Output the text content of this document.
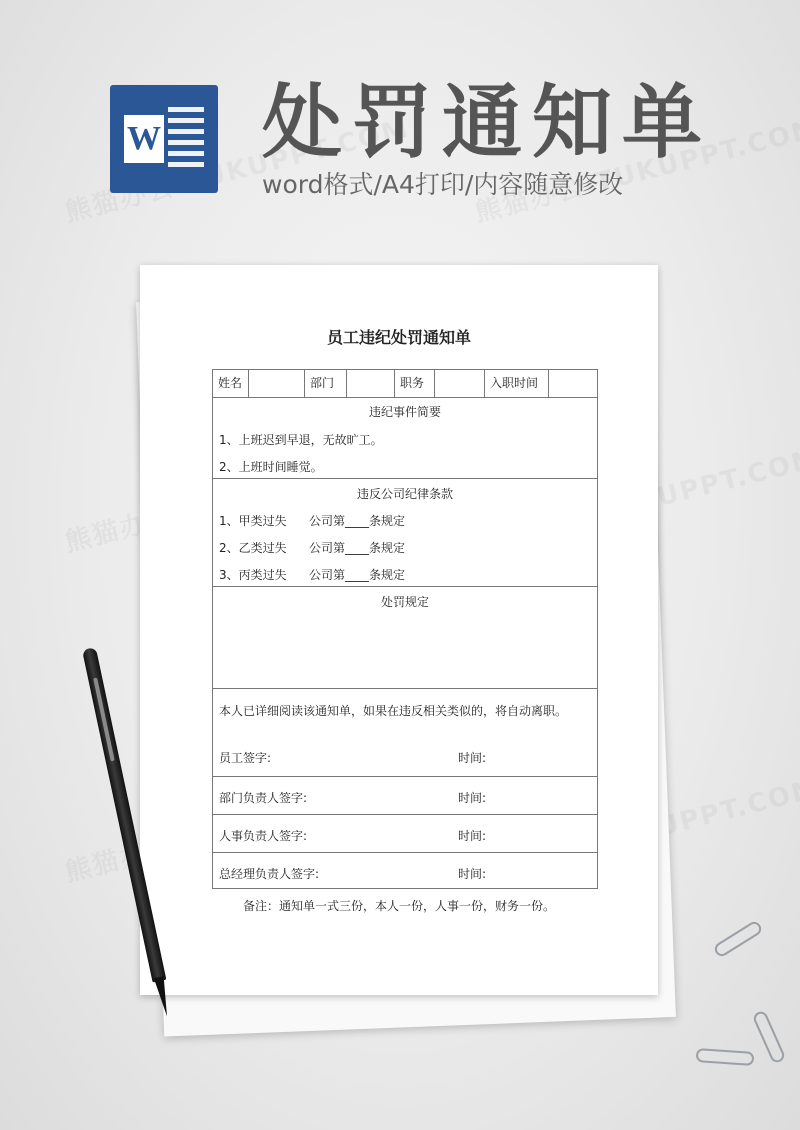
W 处罚通知单
word格式/A4打印/内容随意修改
员工违纪处罚通知单
姓名	部门	职务	入职时间
违纪事件简要
1、上班迟到早退，无故旷工。
2、上班时间睡觉。
违反公司纪律条款
1、甲类过失 公司第____条规定
2、乙类过失 公司第____条规定
3、丙类过失 公司第____条规定
处罚规定
本人已详细阅读该通知单，如果在违反相关类似的，将自动离职。
员工签字:	时间:
部门负责人签字:	时间:
人事负责人签字:	时间:
总经理负责人签字:	时间:
备注：通知单一式三份，本人一份，人事一份，财务一份。
